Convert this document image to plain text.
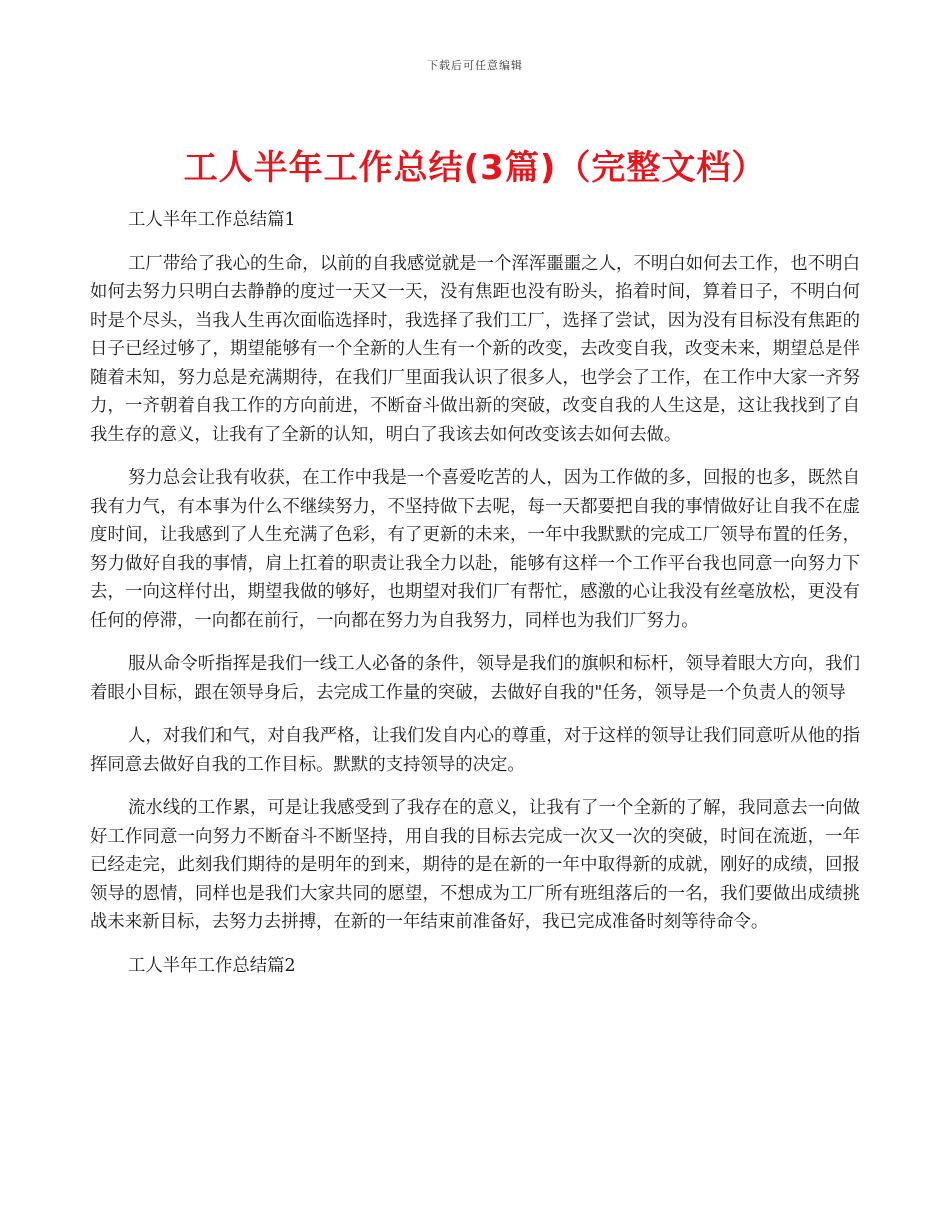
下载后可任意编辑
工人半年工作总结(3篇)（完整文档）

工人半年工作总结篇1

工厂带给了我心的生命，以前的自我感觉就是一个浑浑噩噩之人，不明白如何去工作，也不明白如何去努力只明白去静静的度过一天又一天，没有焦距也没有盼头，掐着时间，算着日子，不明白何时是个尽头，当我人生再次面临选择时，我选择了我们工厂，选择了尝试，因为没有目标没有焦距的日子已经过够了，期望能够有一个全新的人生有一个新的改变，去改变自我，改变未来，期望总是伴随着未知，努力总是充满期待，在我们厂里面我认识了很多人，也学会了工作，在工作中大家一齐努力，一齐朝着自我工作的方向前进，不断奋斗做出新的突破，改变自我的人生这是，这让我找到了自我生存的意义，让我有了全新的认知，明白了我该去如何改变该去如何去做。

努力总会让我有收获，在工作中我是一个喜爱吃苦的人，因为工作做的多，回报的也多，既然自我有力气，有本事为什么不继续努力，不坚持做下去呢，每一天都要把自我的事情做好让自我不在虚度时间，让我感到了人生充满了色彩，有了更新的未来，一年中我默默的完成工厂领导布置的任务，努力做好自我的事情，肩上扛着的职责让我全力以赴，能够有这样一个工作平台我也同意一向努力下去，一向这样付出，期望我做的够好，也期望对我们厂有帮忙，感激的心让我没有丝毫放松，更没有任何的停滞，一向都在前行，一向都在努力为自我努力，同样也为我们厂努力。

服从命令听指挥是我们一线工人必备的条件，领导是我们的旗帜和标杆，领导着眼大方向，我们着眼小目标，跟在领导身后，去完成工作量的突破，去做好自我的"任务，领导是一个负责人的领导

人，对我们和气，对自我严格，让我们发自内心的尊重，对于这样的领导让我们同意听从他的指挥同意去做好自我的工作目标。默默的支持领导的决定。

流水线的工作累，可是让我感受到了我存在的意义，让我有了一个全新的了解，我同意去一向做好工作同意一向努力不断奋斗不断坚持，用自我的目标去完成一次又一次的突破，时间在流逝，一年已经走完，此刻我们期待的是明年的到来，期待的是在新的一年中取得新的成就，刚好的成绩，回报领导的恩情，同样也是我们大家共同的愿望，不想成为工厂所有班组落后的一名，我们要做出成绩挑战未来新目标，去努力去拼搏，在新的一年结束前准备好，我已完成准备时刻等待命令。

工人半年工作总结篇2
